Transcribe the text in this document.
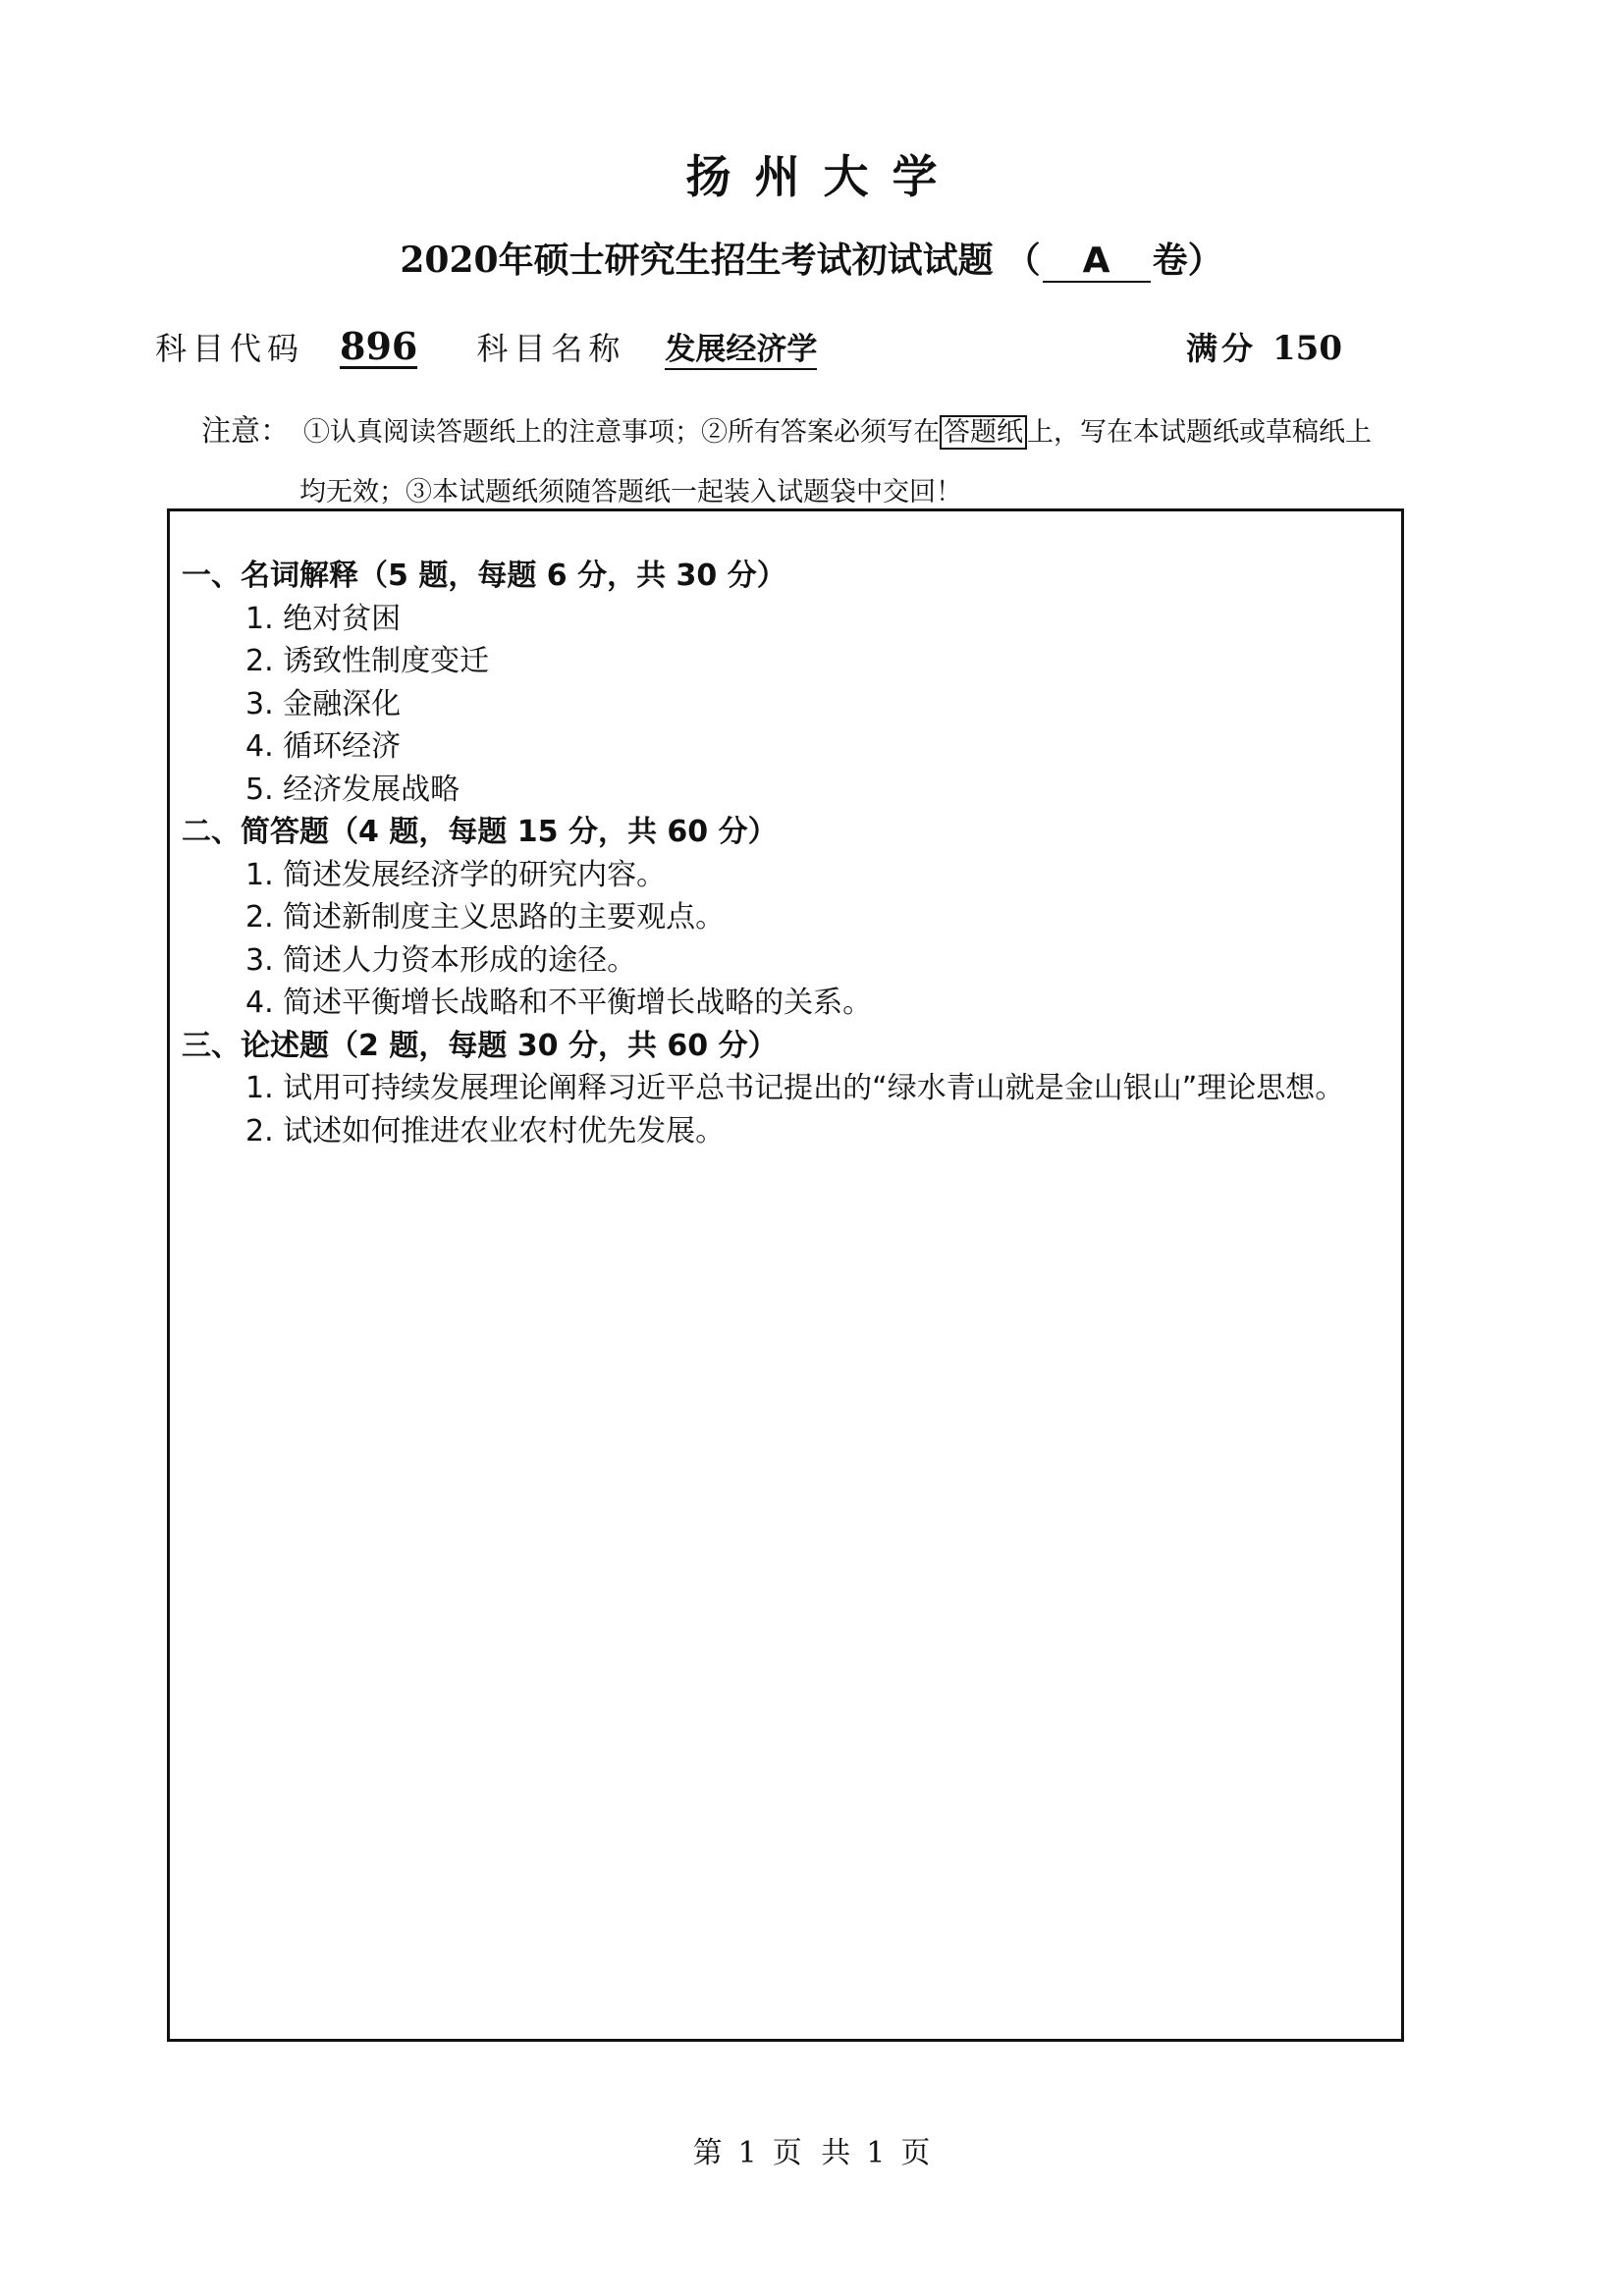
扬州大学
2020年硕士研究生招生考试初试试题 （ A 卷）
科目代码 896 科目名称 发展经济学	满分 150
注意： ①认真阅读答题纸上的注意事项；②所有答案必须写在 答题纸 上，写在本试题纸或草稿纸上
均无效；③本试题纸须随答题纸一起装入试题袋中交回！
一、名词解释（5 题，每题 6 分，共 30 分）
1. 绝对贫困
2. 诱致性制度变迁
3. 金融深化
4. 循环经济
5. 经济发展战略
二、简答题（4 题，每题 15 分，共 60 分）
1. 简述发展经济学的研究内容。
2. 简述新制度主义思路的主要观点。
3. 简述人力资本形成的途径。
4. 简述平衡增长战略和不平衡增长战略的关系。
三、论述题（2 题，每题 30 分，共 60 分）
1. 试用可持续发展理论阐释习近平总书记提出的“绿水青山就是金山银山”理论思想。
2. 试述如何推进农业农村优先发展。
第 1 页 共 1 页
